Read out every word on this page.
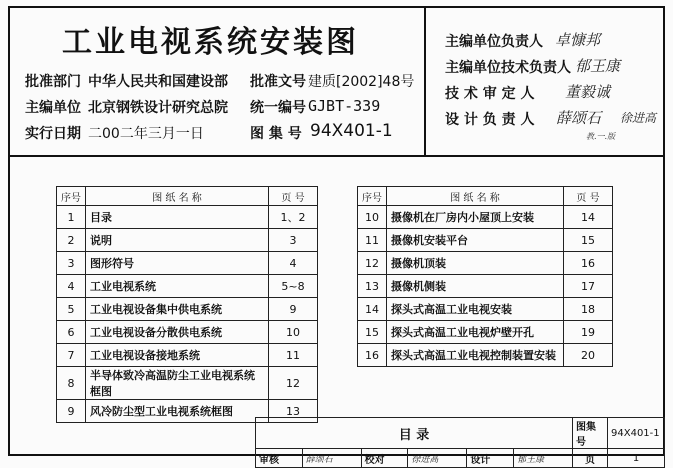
工业电视系统安装图
批准部门 中华人民共和国建设部 批准文号 建质[2002]48号
主编单位 北京钢铁设计研究总院 统一编号 GJBT-339
实行日期 二00二年三月一日	图 集 号 94X401-1
主编单位负责人 卓慷邦
主编单位技术负责人 郁王康
技 术 审 定 人 董毅诚
设 计 负 责 人 薛颂石 徐进高
教.一.版
序号	图 纸 名 称	页 号
1	目录	1、2
2	说明	3
3	图形符号	4
4	工业电视系统	5~8
5	工业电视设备集中供电系统	9
6	工业电视设备分散供电系统	10
7	工业电视设备接地系统	11
8	半导体致冷高温防尘工业电视系统框图	12
9	风冷防尘型工业电视系统框图	13
序号	图 纸 名 称	页 号
10	摄像机在厂房内小屋顶上安装	14
11	摄像机安装平台	15
12	摄像机顶装	16
13	摄像机侧装	17
14	探头式高温工业电视安装	18
15	探头式高温工业电视炉壁开孔	19
16	探头式高温工业电视控制装置安装	20
目 录						图集号	94X401-1
审核	薛颂石	校对	徐进高	设计	郁王康	页	1
